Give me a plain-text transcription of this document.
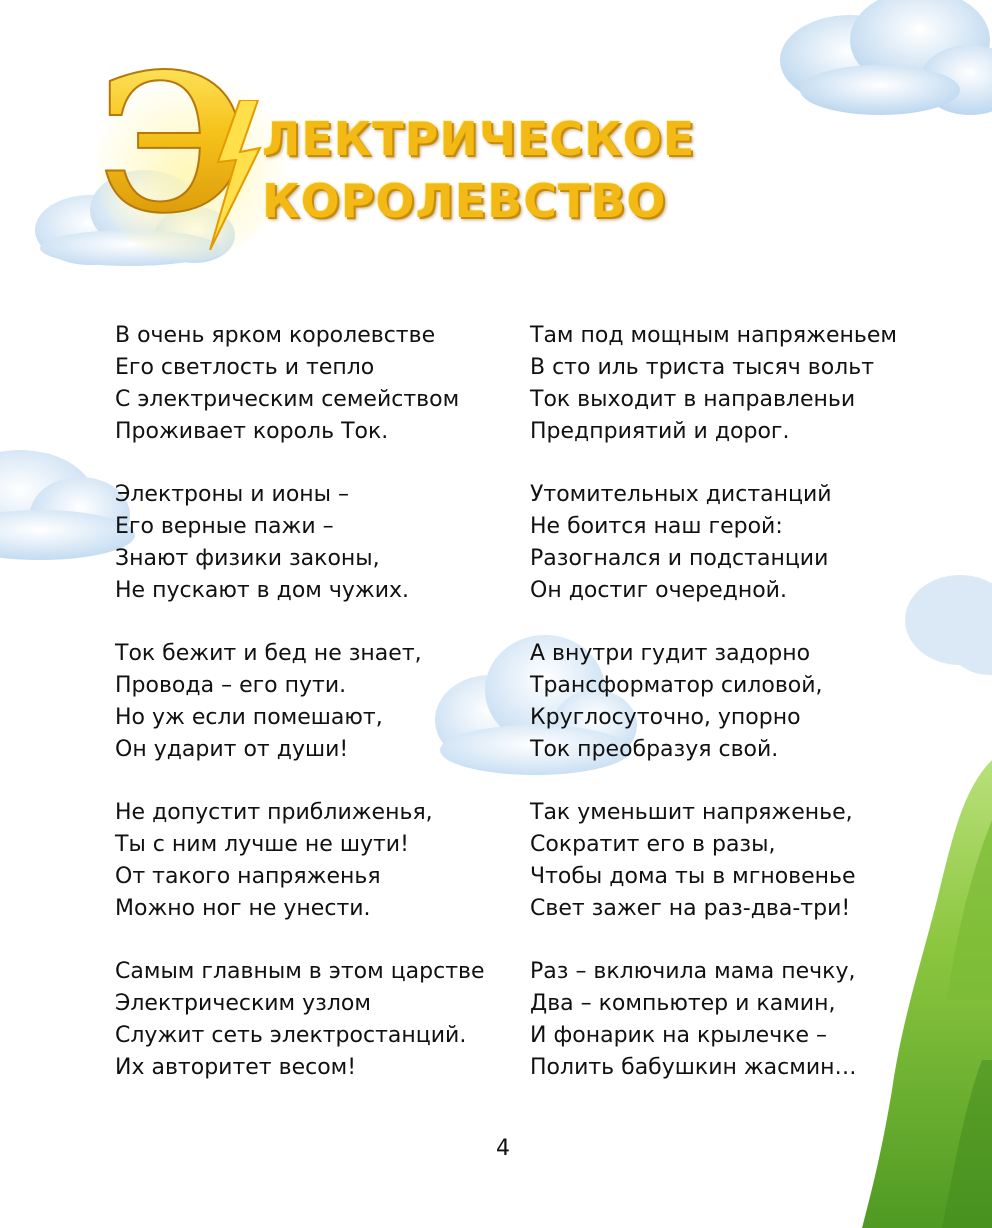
Э ЛЕКТРИЧЕСКОЕ
КОРОЛЕВСТВО
В очень ярком королевстве
Его светлость и тепло
С электрическим семейством
Проживает король Ток.
Электроны и ионы –
Его верные пажи –
Знают физики законы,
Не пускают в дом чужих.
Ток бежит и бед не знает,
Провода – его пути.
Но уж если помешают,
Он ударит от души!
Не допустит приближенья,
Ты с ним лучше не шути!
От такого напряженья
Можно ног не унести.
Самым главным в этом царстве
Электрическим узлом
Служит сеть электростанций.
Их авторитет весом!
Там под мощным напряженьем
В сто иль триста тысяч вольт
Ток выходит в направленьи
Предприятий и дорог.
Утомительных дистанций
Не боится наш герой:
Разогнался и подстанции
Он достиг очередной.
А внутри гудит задорно
Трансформатор силовой,
Круглосуточно, упорно
Ток преобразуя свой.
Так уменьшит напряженье,
Сократит его в разы,
Чтобы дома ты в мгновенье
Свет зажег на раз-два-три!
Раз – включила мама печку,
Два – компьютер и камин,
И фонарик на крылечке –
Полить бабушкин жасмин…
4
